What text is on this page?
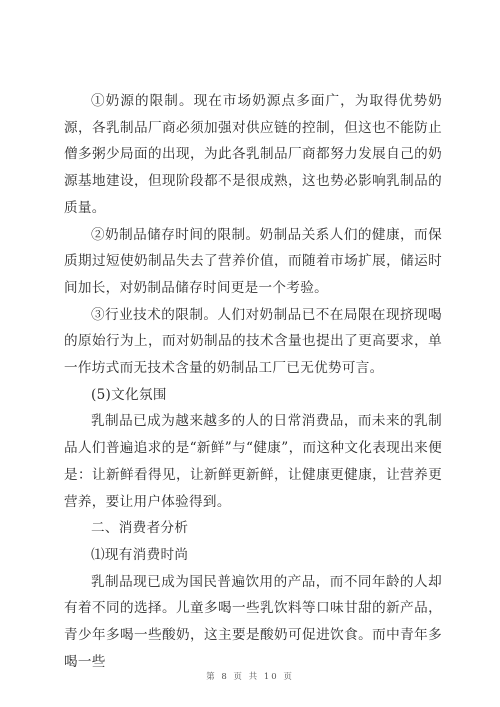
①奶源的限制。现在市场奶源点多面广，为取得优势奶源，各乳制品厂商必须加强对供应链的控制，但这也不能防止僧多粥少局面的出现，为此各乳制品厂商都努力发展自己的奶源基地建设，但现阶段都不是很成熟，这也势必影响乳制品的质量。

②奶制品储存时间的限制。奶制品关系人们的健康，而保质期过短使奶制品失去了营养价值，而随着市场扩展，储运时间加长，对奶制品储存时间更是一个考验。

③行业技术的限制。人们对奶制品已不在局限在现挤现喝的原始行为上，而对奶制品的技术含量也提出了更高要求，单一作坊式而无技术含量的奶制品工厂已无优势可言。

(5)文化氛围

乳制品已成为越来越多的人的日常消费品，而未来的乳制品人们普遍追求的是“新鲜”与“健康”，而这种文化表现出来便是：让新鲜看得见，让新鲜更新鲜，让健康更健康，让营养更营养，要让用户体验得到。

二、消费者分析

⑴现有消费时尚

乳制品现已成为国民普遍饮用的产品，而不同年龄的人却有着不同的选择。儿童多喝一些乳饮料等口味甘甜的新产品，青少年多喝一些酸奶，这主要是酸奶可促进饮食。而中青年多喝一些

第 8 页 共 10 页
